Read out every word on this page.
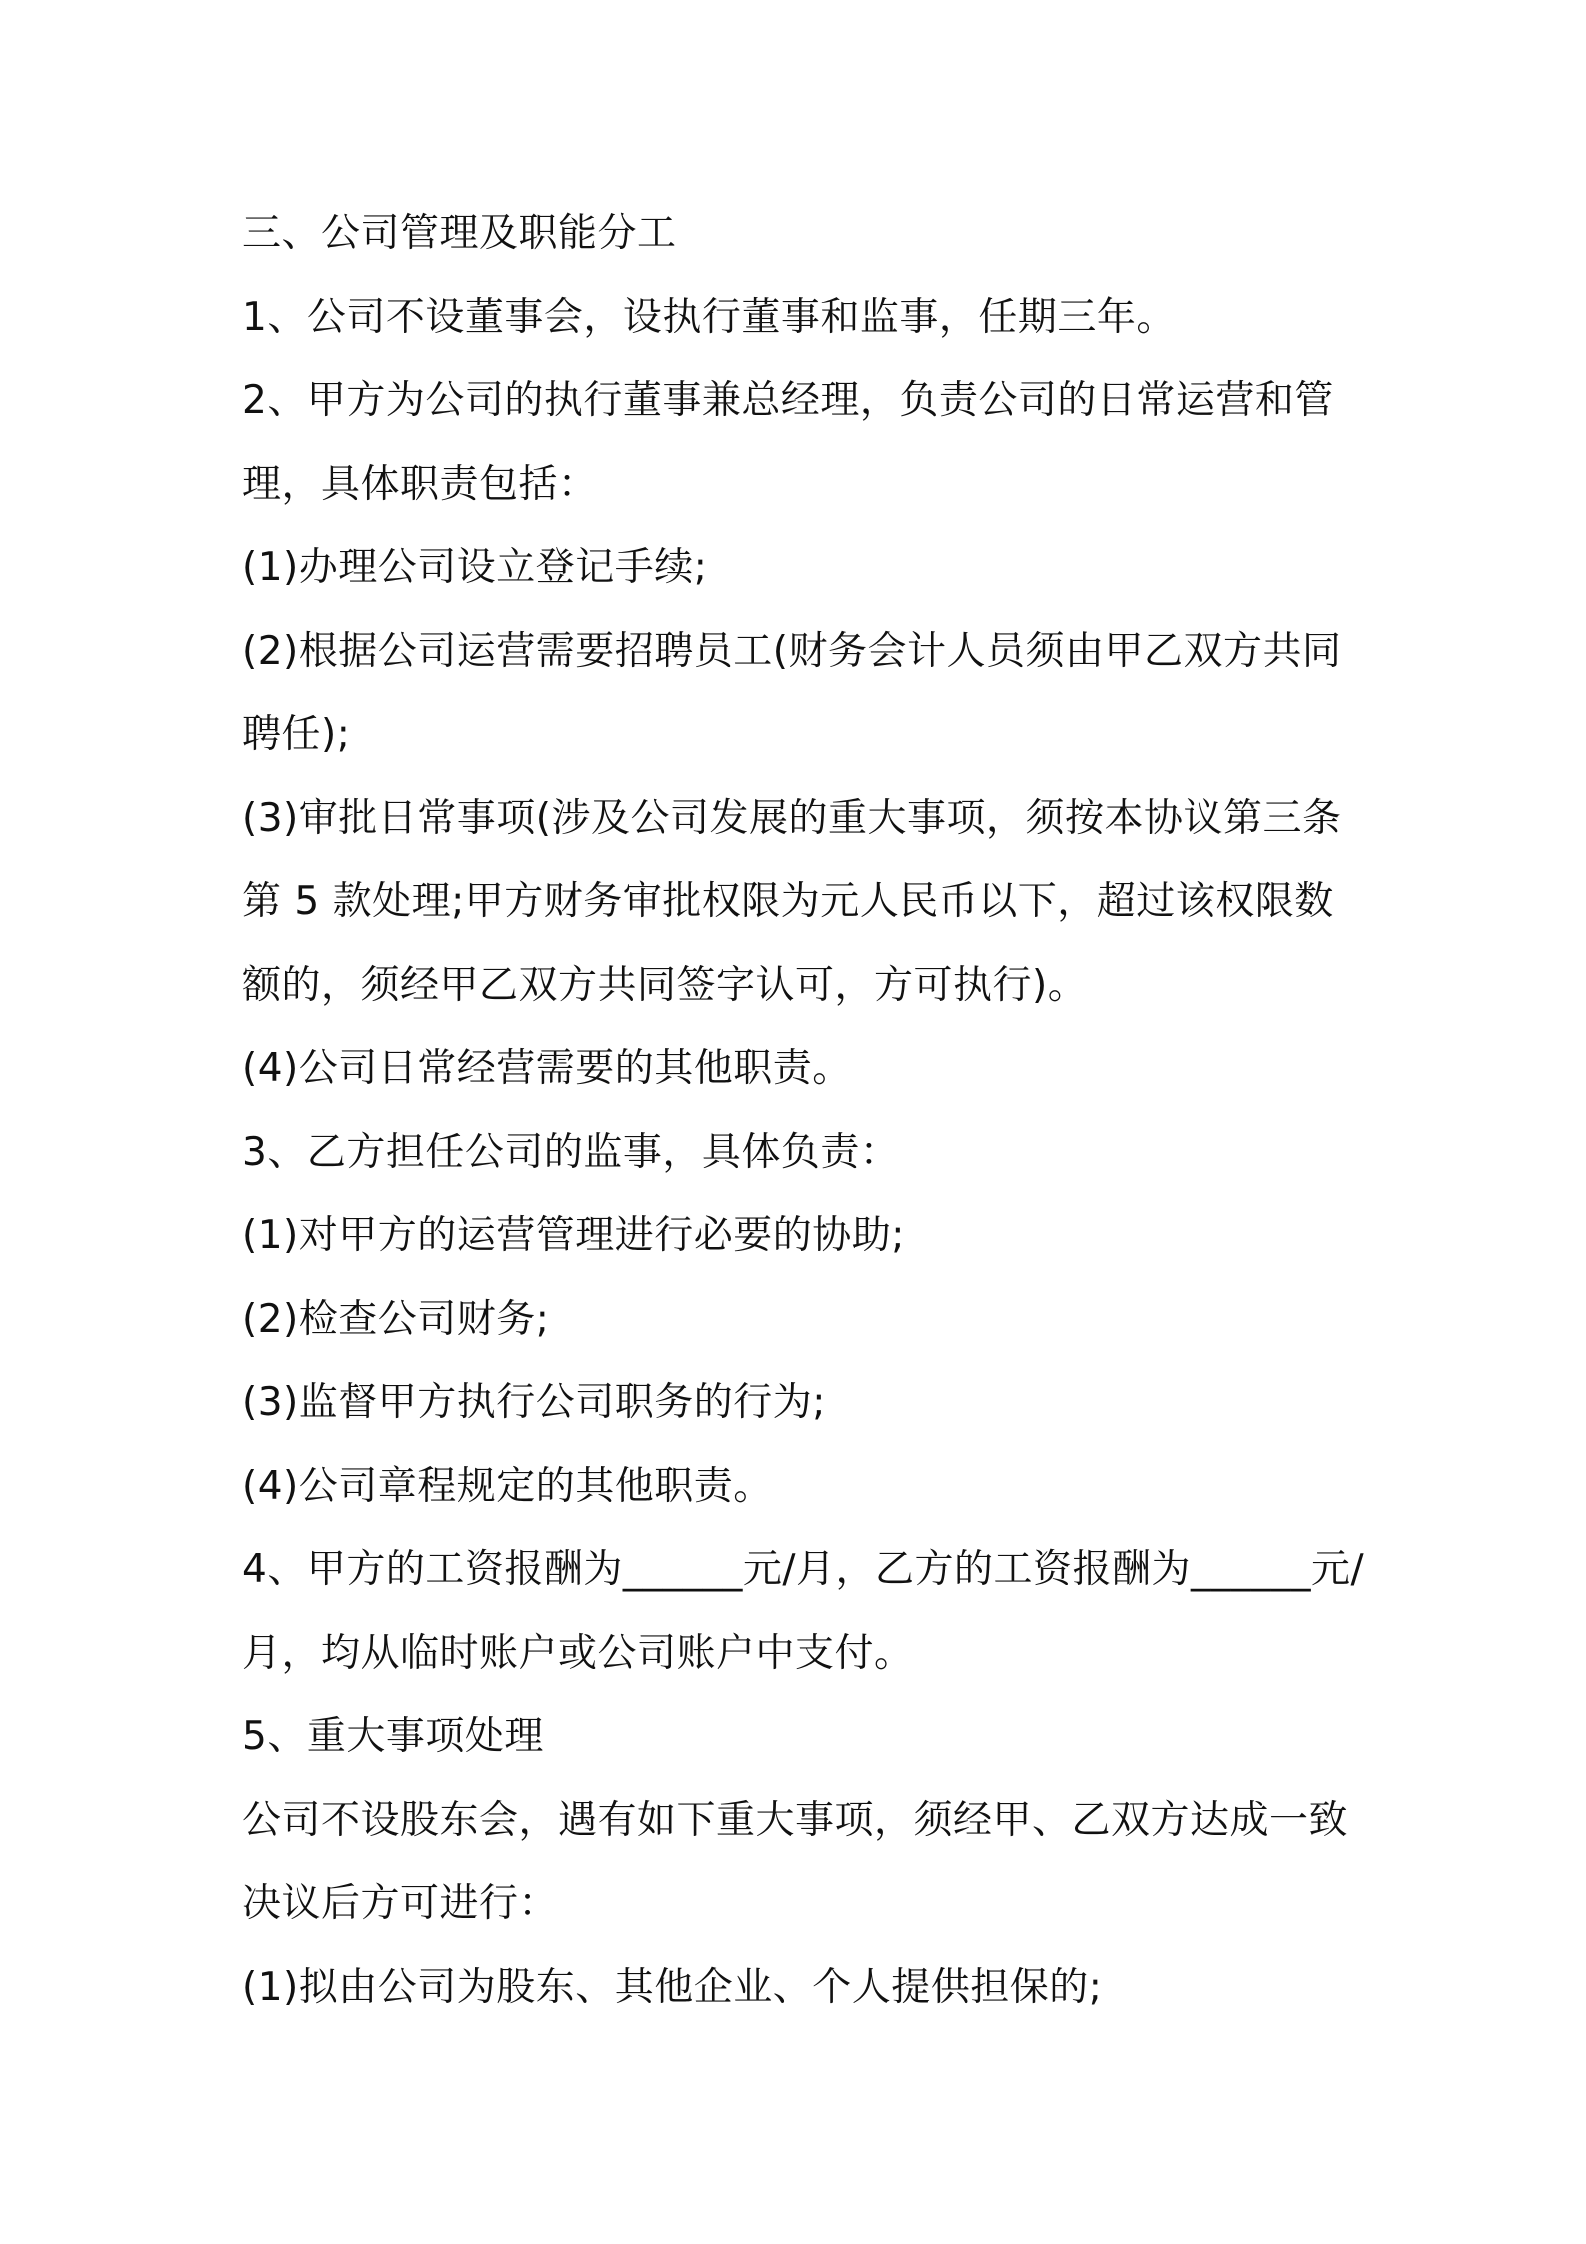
三、公司管理及职能分工
1、公司不设董事会，设执行董事和监事，任期三年。
2、甲方为公司的执行董事兼总经理，负责公司的日常运营和管
理，具体职责包括：
(1)办理公司设立登记手续;
(2)根据公司运营需要招聘员工(财务会计人员须由甲乙双方共同
聘任);
(3)审批日常事项(涉及公司发展的重大事项，须按本协议第三条
第 5 款处理;甲方财务审批权限为元人民币以下，超过该权限数
额的，须经甲乙双方共同签字认可，方可执行)。
(4)公司日常经营需要的其他职责。
3、乙方担任公司的监事，具体负责：
(1)对甲方的运营管理进行必要的协助;
(2)检查公司财务;
(3)监督甲方执行公司职务的行为;
(4)公司章程规定的其他职责。
4、甲方的工资报酬为______元/月，乙方的工资报酬为______元/
月，均从临时账户或公司账户中支付。
5、重大事项处理
公司不设股东会，遇有如下重大事项，须经甲、乙双方达成一致
决议后方可进行：
(1)拟由公司为股东、其他企业、个人提供担保的;
